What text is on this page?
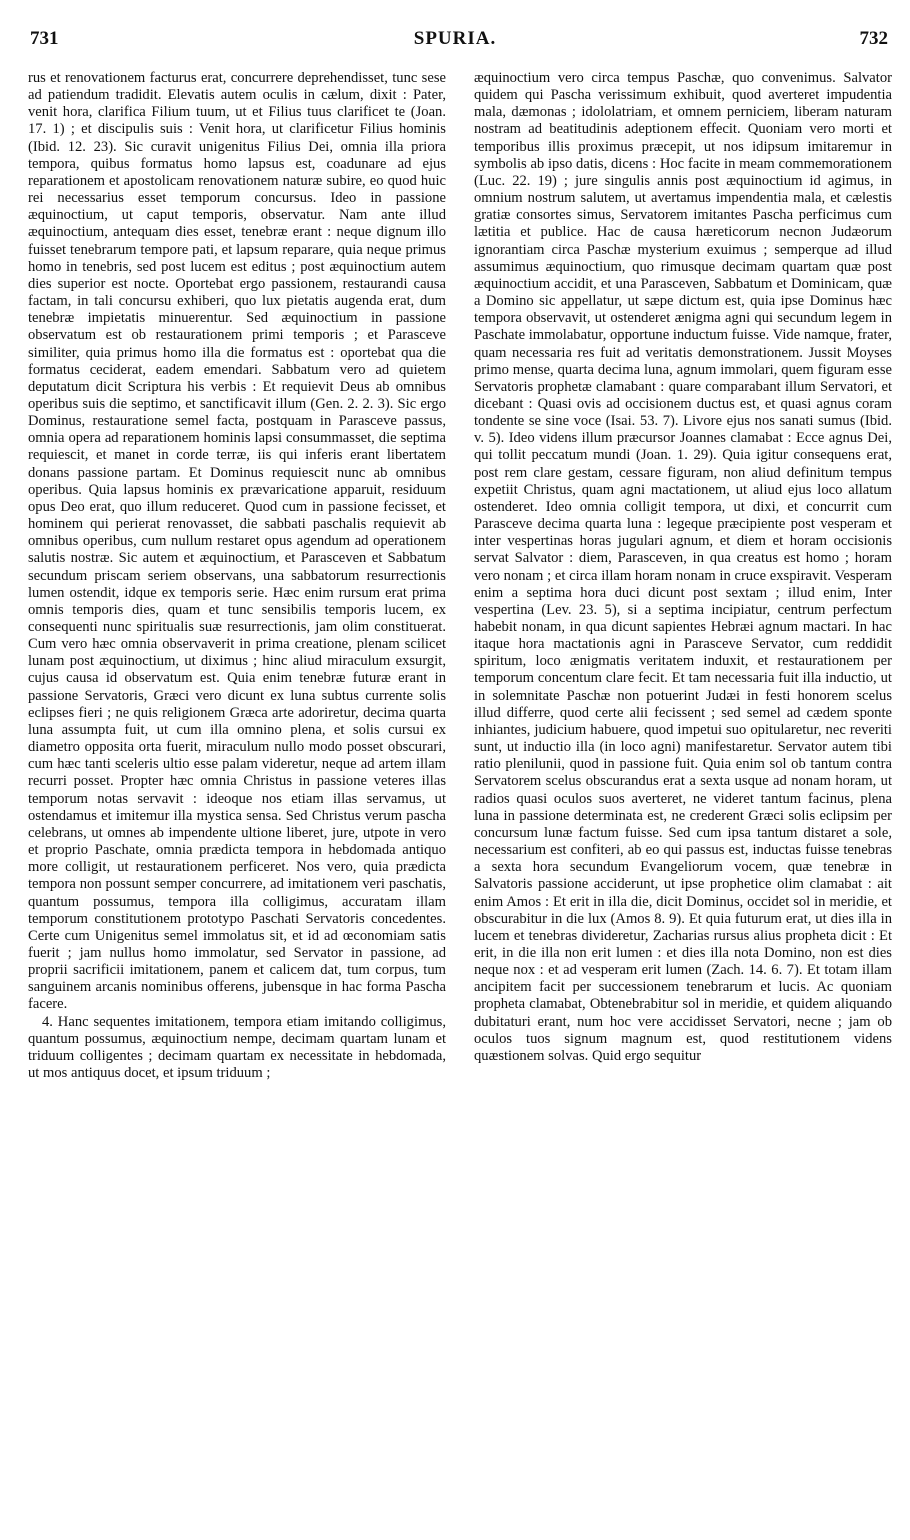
731	SPURIA.	732

rus et renovationem facturus erat, concurrere deprehendisset, tunc sese ad patiendum tradidit. Elevatis autem oculis in cælum, dixit : Pater, venit hora, clarifica Filium tuum, ut et Filius tuus clarificet te (Joan. 17. 1) ; et discipulis suis : Venit hora, ut clarificetur Filius hominis (Ibid. 12. 23). Sic curavit unigenitus Filius Dei, omnia illa priora tempora, quibus formatus homo lapsus est, coadunare ad ejus reparationem et apostolicam renovationem naturæ subire, eo quod huic rei necessarius esset temporum concursus. Ideo in passione æquinoctium, ut caput temporis, observatur. Nam ante illud æquinoctium, antequam dies esset, tenebræ erant : neque dignum illo fuisset tenebrarum tempore pati, et lapsum reparare, quia neque primus homo in tenebris, sed post lucem est editus ; post æquinoctium autem dies superior est nocte. Oportebat ergo passionem, restaurandi causa factam, in tali concursu exhiberi, quo lux pietatis augenda erat, dum tenebræ impietatis minuerentur. Sed æquinoctium in passione observatum est ob restaurationem primi temporis ; et Parasceve similiter, quia primus homo illa die formatus est : oportebat qua die formatus ceciderat, eadem emendari. Sabbatum vero ad quietem deputatum dicit Scriptura his verbis : Et requievit Deus ab omnibus operibus suis die septimo, et sanctificavit illum (Gen. 2. 2. 3). Sic ergo Dominus, restauratione semel facta, postquam in Parasceve passus, omnia opera ad reparationem hominis lapsi consummasset, die septima requiescit, et manet in corde terræ, iis qui inferis erant libertatem donans passione partam. Et Dominus requiescit nunc ab omnibus operibus. Quia lapsus hominis ex prævaricatione apparuit, residuum opus Deo erat, quo illum reduceret. Quod cum in passione fecisset, et hominem qui perierat renovasset, die sabbati paschalis requievit ab omnibus operibus, cum nullum restaret opus agendum ad operationem salutis nostræ. Sic autem et æquinoctium, et Parasceven et Sabbatum secundum priscam seriem observans, una sabbatorum resurrectionis lumen ostendit, idque ex temporis serie. Hæc enim rursum erat prima omnis temporis dies, quam et tunc sensibilis temporis lucem, ex consequenti nunc spiritualis suæ resurrectionis, jam olim constituerat. Cum vero hæc omnia observaverit in prima creatione, plenam scilicet lunam post æquinoctium, ut diximus ; hinc aliud miraculum exsurgit, cujus causa id observatum est. Quia enim tenebræ futuræ erant in passione Servatoris, Græci vero dicunt ex luna subtus currente solis eclipses fieri ; ne quis religionem Græca arte adoriretur, decima quarta luna assumpta fuit, ut cum illa omnino plena, et solis cursui ex diametro opposita orta fuerit, miraculum nullo modo posset obscurari, cum hæc tanti sceleris ultio esse palam videretur, neque ad artem illam recurri posset. Propter hæc omnia Christus in passione veteres illas temporum notas servavit : ideoque nos etiam illas servamus, ut ostendamus et imitemur illa mystica sensa. Sed Christus verum pascha celebrans, ut omnes ab impendente ultione liberet, jure, utpote in vero et proprio Paschate, omnia prædicta tempora in hebdomada antiquo more colligit, ut restaurationem perficeret. Nos vero, quia prædicta tempora non possunt semper concurrere, ad imitationem veri paschatis, quantum possumus, tempora illa colligimus, accuratam illam temporum constitutionem prototypo Paschati Servatoris concedentes. Certe cum Unigenitus semel immolatus sit, et id ad œconomiam satis fuerit ; jam nullus homo immolatur, sed Servator in passione, ad proprii sacrificii imitationem, panem et calicem dat, tum corpus, tum sanguinem arcanis nominibus offerens, jubensque in hac forma Pascha facere.

4. Hanc sequentes imitationem, tempora etiam imitando colligimus, quantum possumus, æquinoctium nempe, decimam quartam lunam et triduum colligentes ; decimam quartam ex necessitate in hebdomada, ut mos antiquus docet, et ipsum triduum ;

æquinoctium vero circa tempus Paschæ, quo convenimus. Salvator quidem qui Pascha verissimum exhibuit, quod averteret impudentia mala, dæmonas ; idololatriam, et omnem perniciem, liberam naturam nostram ad beatitudinis adeptionem effecit. Quoniam vero morti et temporibus illis proximus præcepit, ut nos idipsum imitaremur in symbolis ab ipso datis, dicens : Hoc facite in meam commemorationem (Luc. 22. 19) ; jure singulis annis post æquinoctium id agimus, in omnium nostrum salutem, ut avertamus impendentia mala, et cælestis gratiæ consortes simus, Servatorem imitantes Pascha perficimus cum lætitia et publice. Hac de causa hæreticorum necnon Judæorum ignorantiam circa Paschæ mysterium exuimus ; semperque ad illud assumimus æquinoctium, quo rimusque decimam quartam quæ post æquinoctium accidit, et una Parasceven, Sabbatum et Dominicam, quæ a Domino sic appellatur, ut sæpe dictum est, quia ipse Dominus hæc tempora observavit, ut ostenderet ænigma agni qui secundum legem in Paschate immolabatur, opportune inductum fuisse. Vide namque, frater, quam necessaria res fuit ad veritatis demonstrationem. Jussit Moyses primo mense, quarta decima luna, agnum immolari, quem figuram esse Servatoris prophetæ clamabant : quare comparabant illum Servatori, et dicebant : Quasi ovis ad occisionem ductus est, et quasi agnus coram tondente se sine voce (Isai. 53. 7). Livore ejus nos sanati sumus (Ibid. v. 5). Ideo videns illum præcursor Joannes clamabat : Ecce agnus Dei, qui tollit peccatum mundi (Joan. 1. 29). Quia igitur consequens erat, post rem clare gestam, cessare figuram, non aliud definitum tempus expetiit Christus, quam agni mactationem, ut aliud ejus loco allatum ostenderet. Ideo omnia colligit tempora, ut dixi, et concurrit cum Parasceve decima quarta luna : legeque præcipiente post vesperam et inter vespertinas horas jugulari agnum, et diem et horam occisionis servat Salvator : diem, Parasceven, in qua creatus est homo ; horam vero nonam ; et circa illam horam nonam in cruce exspiravit. Vesperam enim a septima hora duci dicunt post sextam ; illud enim, Inter vespertina (Lev. 23. 5), si a septima incipiatur, centrum perfectum habebit nonam, in qua dicunt sapientes Hebræi agnum mactari. In hac itaque hora mactationis agni in Parasceve Servator, cum reddidit spiritum, loco ænigmatis veritatem induxit, et restaurationem per temporum concentum clare fecit. Et tam necessaria fuit illa inductio, ut in solemnitate Paschæ non potuerint Judæi in festi honorem scelus illud differre, quod certe alii fecissent ; sed semel ad cædem sponte inhiantes, judicium habuere, quod impetui suo opitularetur, nec reveriti sunt, ut inductio illa (in loco agni) manifestaretur. Servator autem tibi ratio plenilunii, quod in passione fuit. Quia enim sol ob tantum contra Servatorem scelus obscurandus erat a sexta usque ad nonam horam, ut radios quasi oculos suos averteret, ne videret tantum facinus, plena luna in passione determinata est, ne crederent Græci solis eclipsim per concursum lunæ factum fuisse. Sed cum ipsa tantum distaret a sole, necessarium est confiteri, ab eo qui passus est, inductas fuisse tenebras a sexta hora secundum Evangeliorum vocem, quæ tenebræ in Salvatoris passione acciderunt, ut ipse prophetice olim clamabat : ait enim Amos : Et erit in illa die, dicit Dominus, occidet sol in meridie, et obscurabitur in die lux (Amos 8. 9). Et quia futurum erat, ut dies illa in lucem et tenebras divideretur, Zacharias rursus alius propheta dicit : Et erit, in die illa non erit lumen : et dies illa nota Domino, non est dies neque nox : et ad vesperam erit lumen (Zach. 14. 6. 7). Et totam illam ancipitem facit per successionem tenebrarum et lucis. Ac quoniam propheta clamabat, Obtenebrabitur sol in meridie, et quidem aliquando dubitaturi erant, num hoc vere accidisset Servatori, necne ; jam ob oculos tuos signum magnum est, quod restitutionem videns quæstionem solvas. Quid ergo sequitur
